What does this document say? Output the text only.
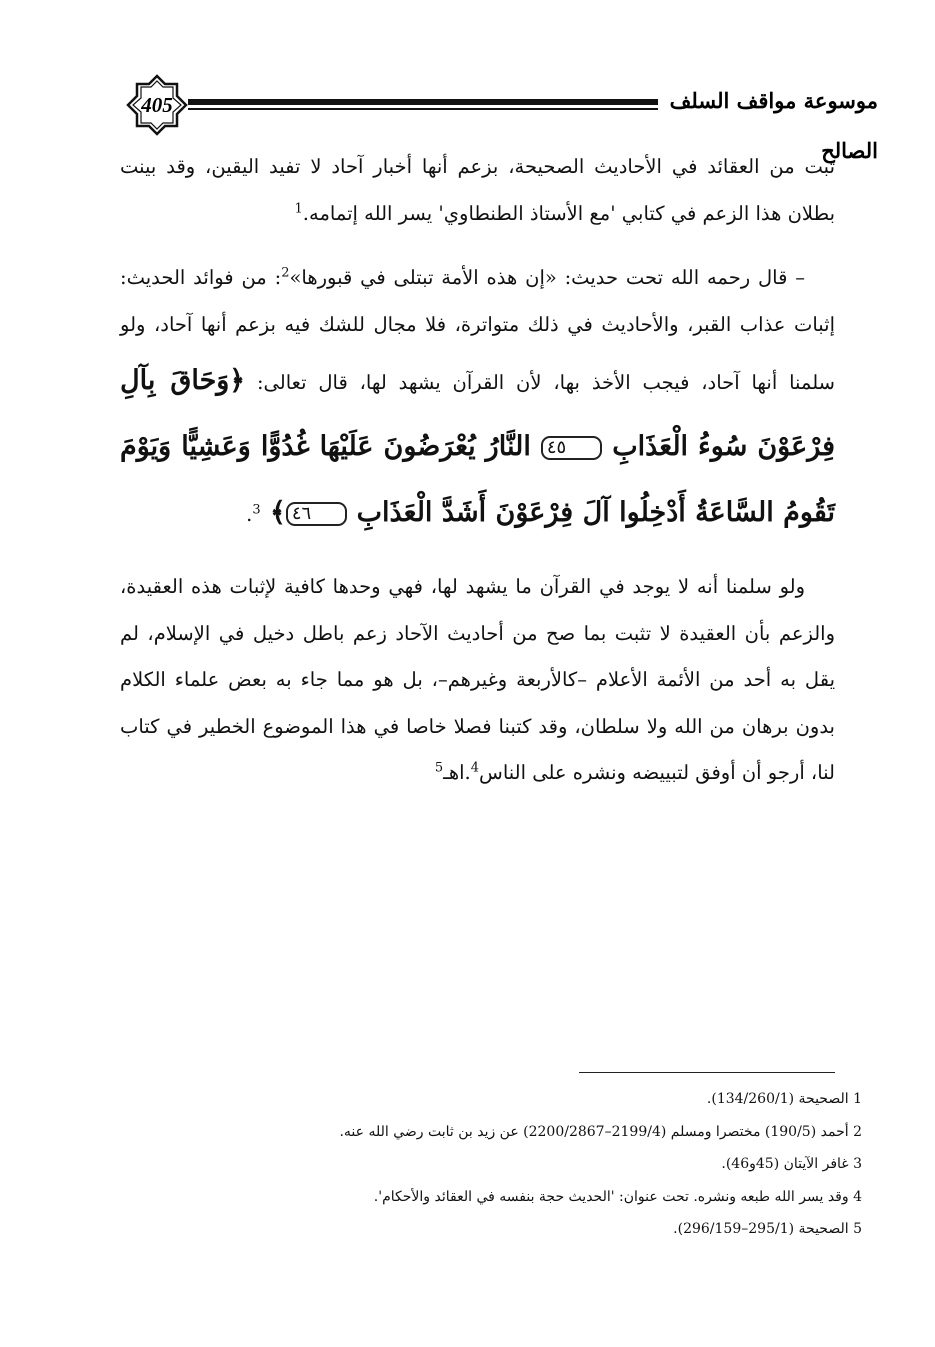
405	موسوعة مواقف السلف الصالح

ثبت من العقائد في الأحاديث الصحيحة، بزعم أنها أخبار آحاد لا تفيد اليقين، وقد بينت بطلان هذا الزعم في كتابي 'مع الأستاذ الطنطاوي' يسر الله إتمامه.$^1$

– قال رحمه الله تحت حديث: «إن هذه الأمة تبتلى في قبورها»$^2$: من فوائد الحديث: إثبات عذاب القبر، والأحاديث في ذلك متواترة، فلا مجال للشك فيه بزعم أنها آحاد، ولو سلمنا أنها آحاد، فيجب الأخذ بها، لأن القرآن يشهد لها، قال تعالى: ﴿وَحَاقَ بِآلِ فِرْعَوْنَ سُوءُ الْعَذَابِ ٤٥ النَّارُ يُعْرَضُونَ عَلَيْهَا غُدُوًّا وَعَشِيًّا وَيَوْمَ تَقُومُ السَّاعَةُ أَدْخِلُوا آلَ فِرْعَوْنَ أَشَدَّ الْعَذَابِ ٤٦﴾ $^3$.

ولو سلمنا أنه لا يوجد في القرآن ما يشهد لها، فهي وحدها كافية لإثبات هذه العقيدة، والزعم بأن العقيدة لا تثبت بما صح من أحاديث الآحاد زعم باطل دخيل في الإسلام، لم يقل به أحد من الأئمة الأعلام –كالأربعة وغيرهم–، بل هو مما جاء به بعض علماء الكلام بدون برهان من الله ولا سلطان، وقد كتبنا فصلا خاصا في هذا الموضوع الخطير في كتاب لنا، أرجو أن أوفق لتبييضه ونشره على الناس$^4$.اهـ$^5$

1 الصحيحة (134/260/1).

2 أحمد (190/5) مختصرا ومسلم (2199/4–2200/2867) عن زيد بن ثابت رضي الله عنه.

3 غافر الآيتان (45و46).

4 وقد يسر الله طبعه ونشره. تحت عنوان: 'الحديث حجة بنفسه في العقائد والأحكام'.

5 الصحيحة (295/1–296/159).
